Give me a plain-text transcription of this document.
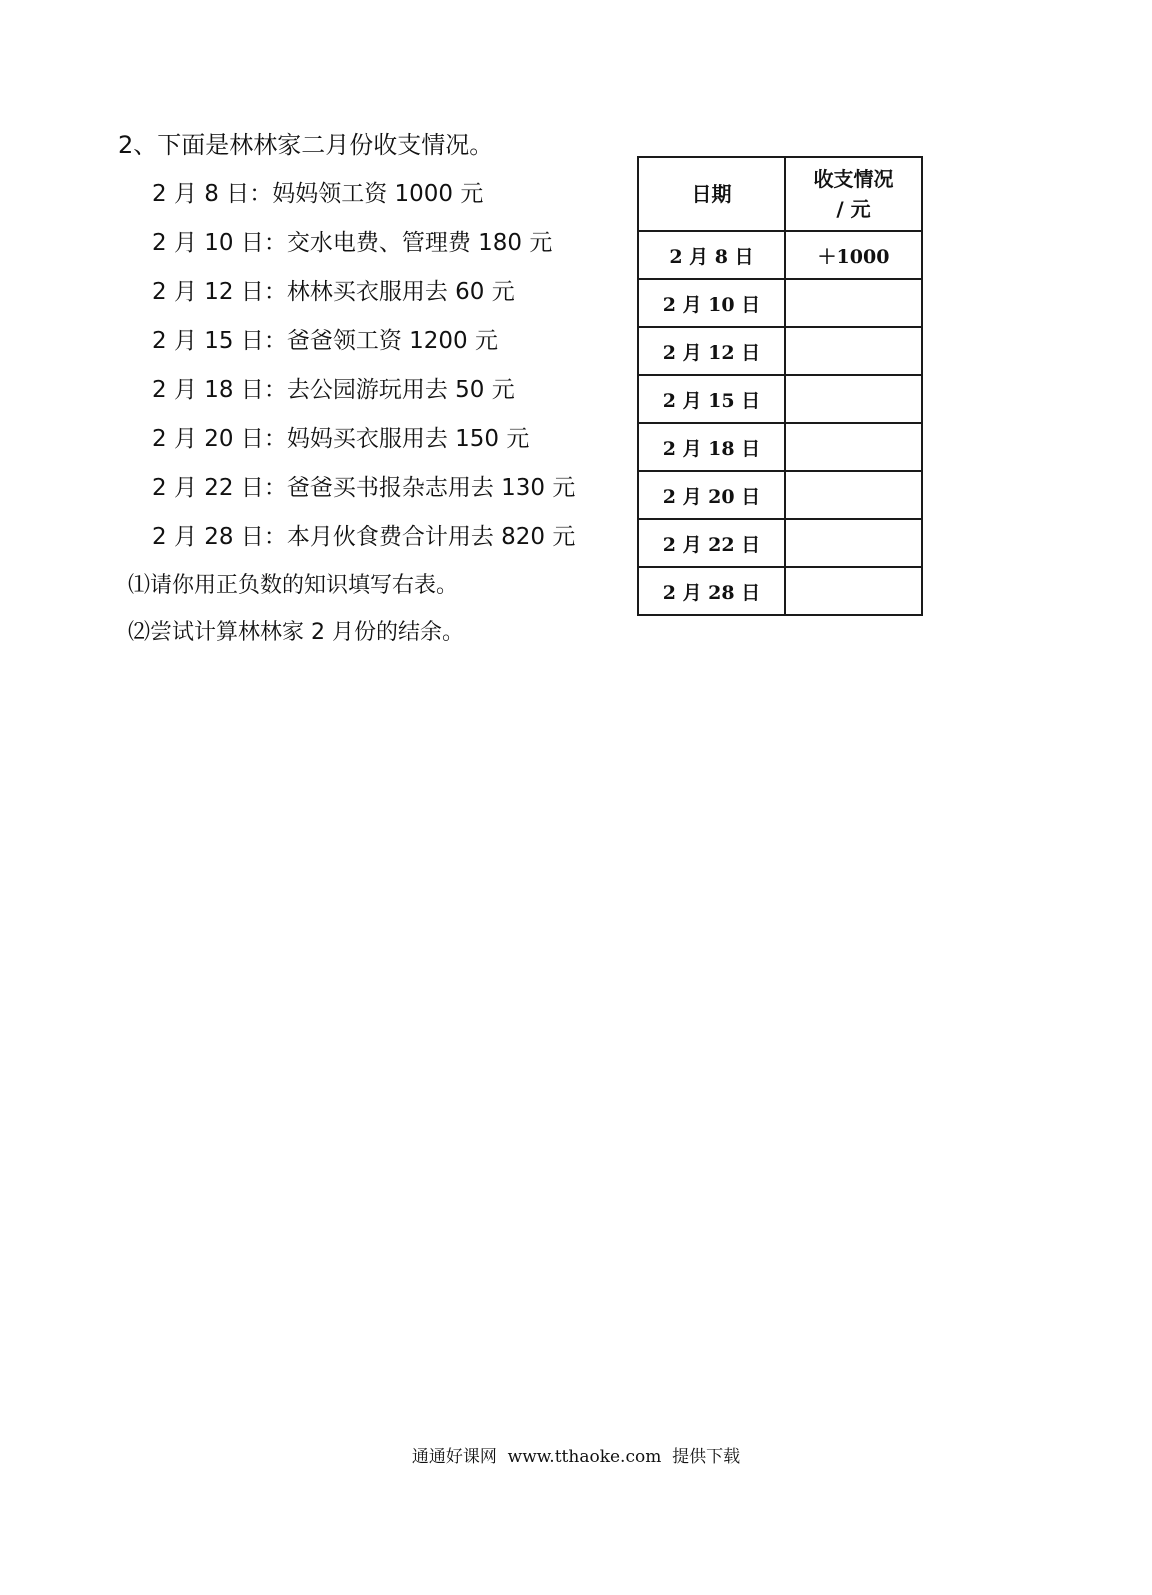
2、下面是林林家二月份收支情况。
2 月 8 日：妈妈领工资 1000 元
2 月 10 日：交水电费、管理费 180 元
2 月 12 日：林林买衣服用去 60 元
2 月 15 日：爸爸领工资 1200 元
2 月 18 日：去公园游玩用去 50 元
2 月 20 日：妈妈买衣服用去 150 元
2 月 22 日：爸爸买书报杂志用去 130 元
2 月 28 日：本月伙食费合计用去 820 元
⑴请你用正负数的知识填写右表。
⑵尝试计算林林家 2 月份的结余。
日期	收支情况
/ 元
2 月 8 日	＋1000
2 月 10 日	
2 月 12 日	
2 月 15 日	
2 月 18 日	
2 月 20 日	
2 月 22 日	
2 月 28 日	
通通好课网  www.tthaoke.com  提供下载
